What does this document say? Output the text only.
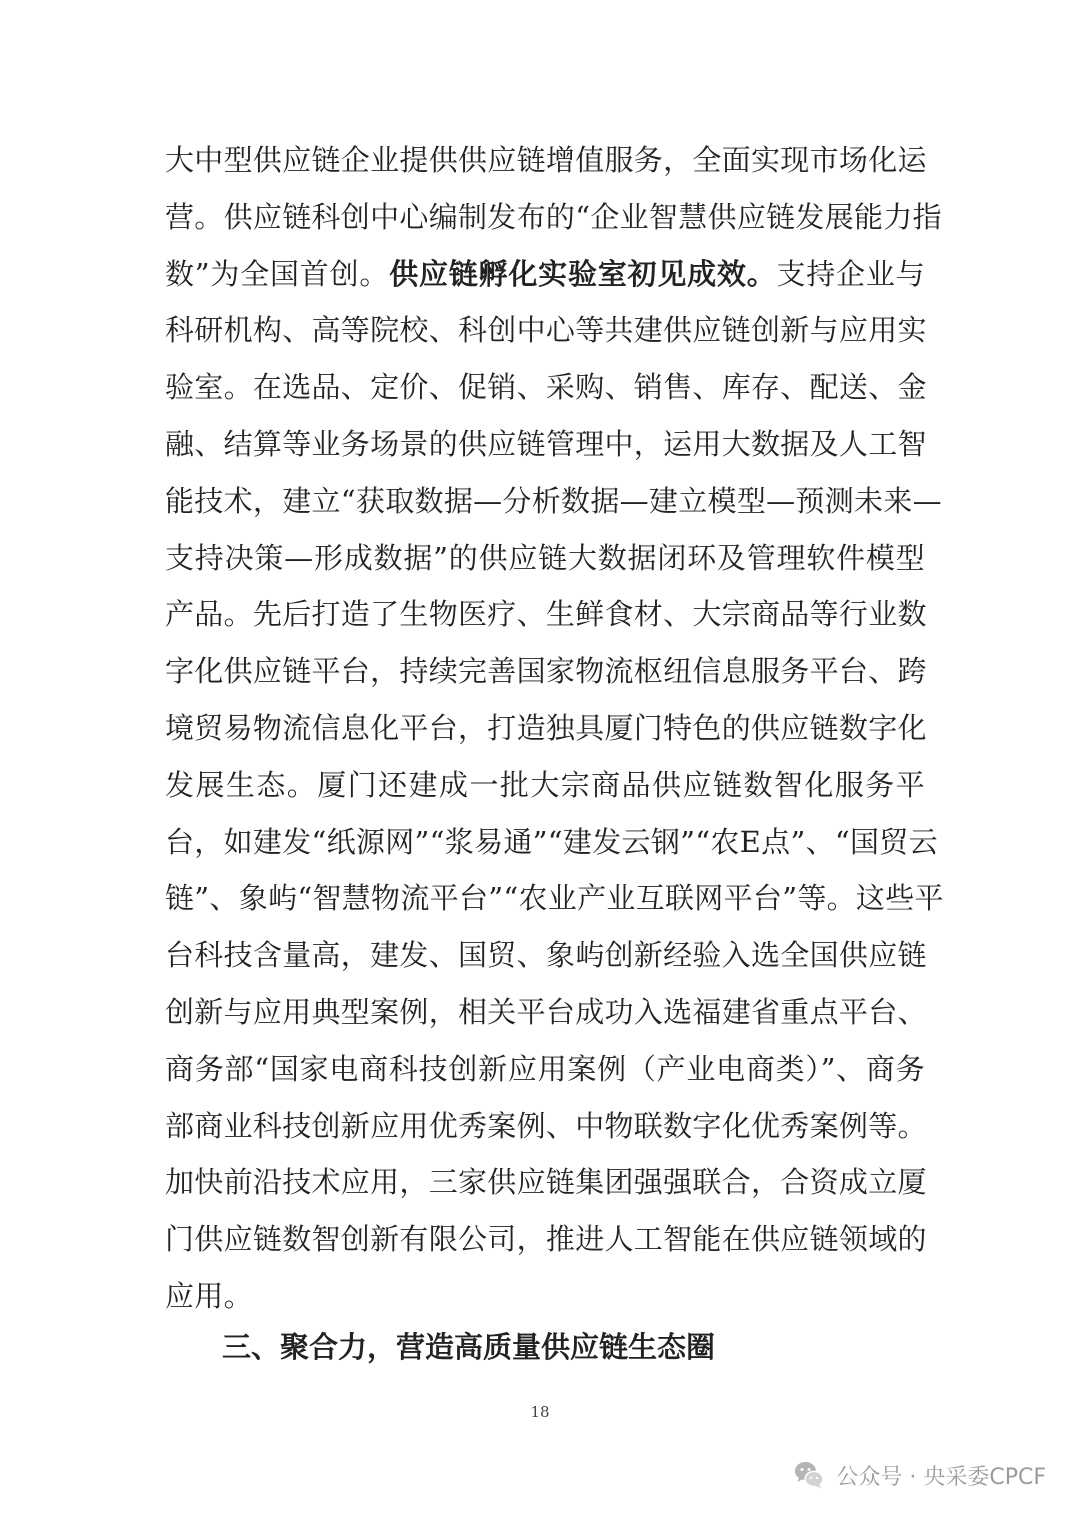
大中型供应链企业提供供应链增值服务，全面实现市场化运
营。供应链科创中心编制发布的“企业智慧供应链发展能力指
数”为全国首创。供应链孵化实验室初见成效。支持企业与
科研机构、高等院校、科创中心等共建供应链创新与应用实
验室。在选品、定价、促销、采购、销售、库存、配送、金
融、结算等业务场景的供应链管理中，运用大数据及人工智
能技术，建立“获取数据—分析数据—建立模型—预测未来—
支持决策—形成数据”的供应链大数据闭环及管理软件模型
产品。先后打造了生物医疗、生鲜食材、大宗商品等行业数
字化供应链平台，持续完善国家物流枢纽信息服务平台、跨
境贸易物流信息化平台，打造独具厦门特色的供应链数字化
发展生态。厦门还建成一批大宗商品供应链数智化服务平
台，如建发“纸源网”“浆易通”“建发云钢”“农E点”、“国贸云
链”、象屿“智慧物流平台”“农业产业互联网平台”等。这些平
台科技含量高，建发、国贸、象屿创新经验入选全国供应链
创新与应用典型案例，相关平台成功入选福建省重点平台、
商务部“国家电商科技创新应用案例（产业电商类）”、商务
部商业科技创新应用优秀案例、中物联数字化优秀案例等。
加快前沿技术应用，三家供应链集团强强联合，合资成立厦
门供应链数智创新有限公司，推进人工智能在供应链领域的
应用。
三、聚合力，营造高质量供应链生态圈
18
公众号 · 央采委CPCF
